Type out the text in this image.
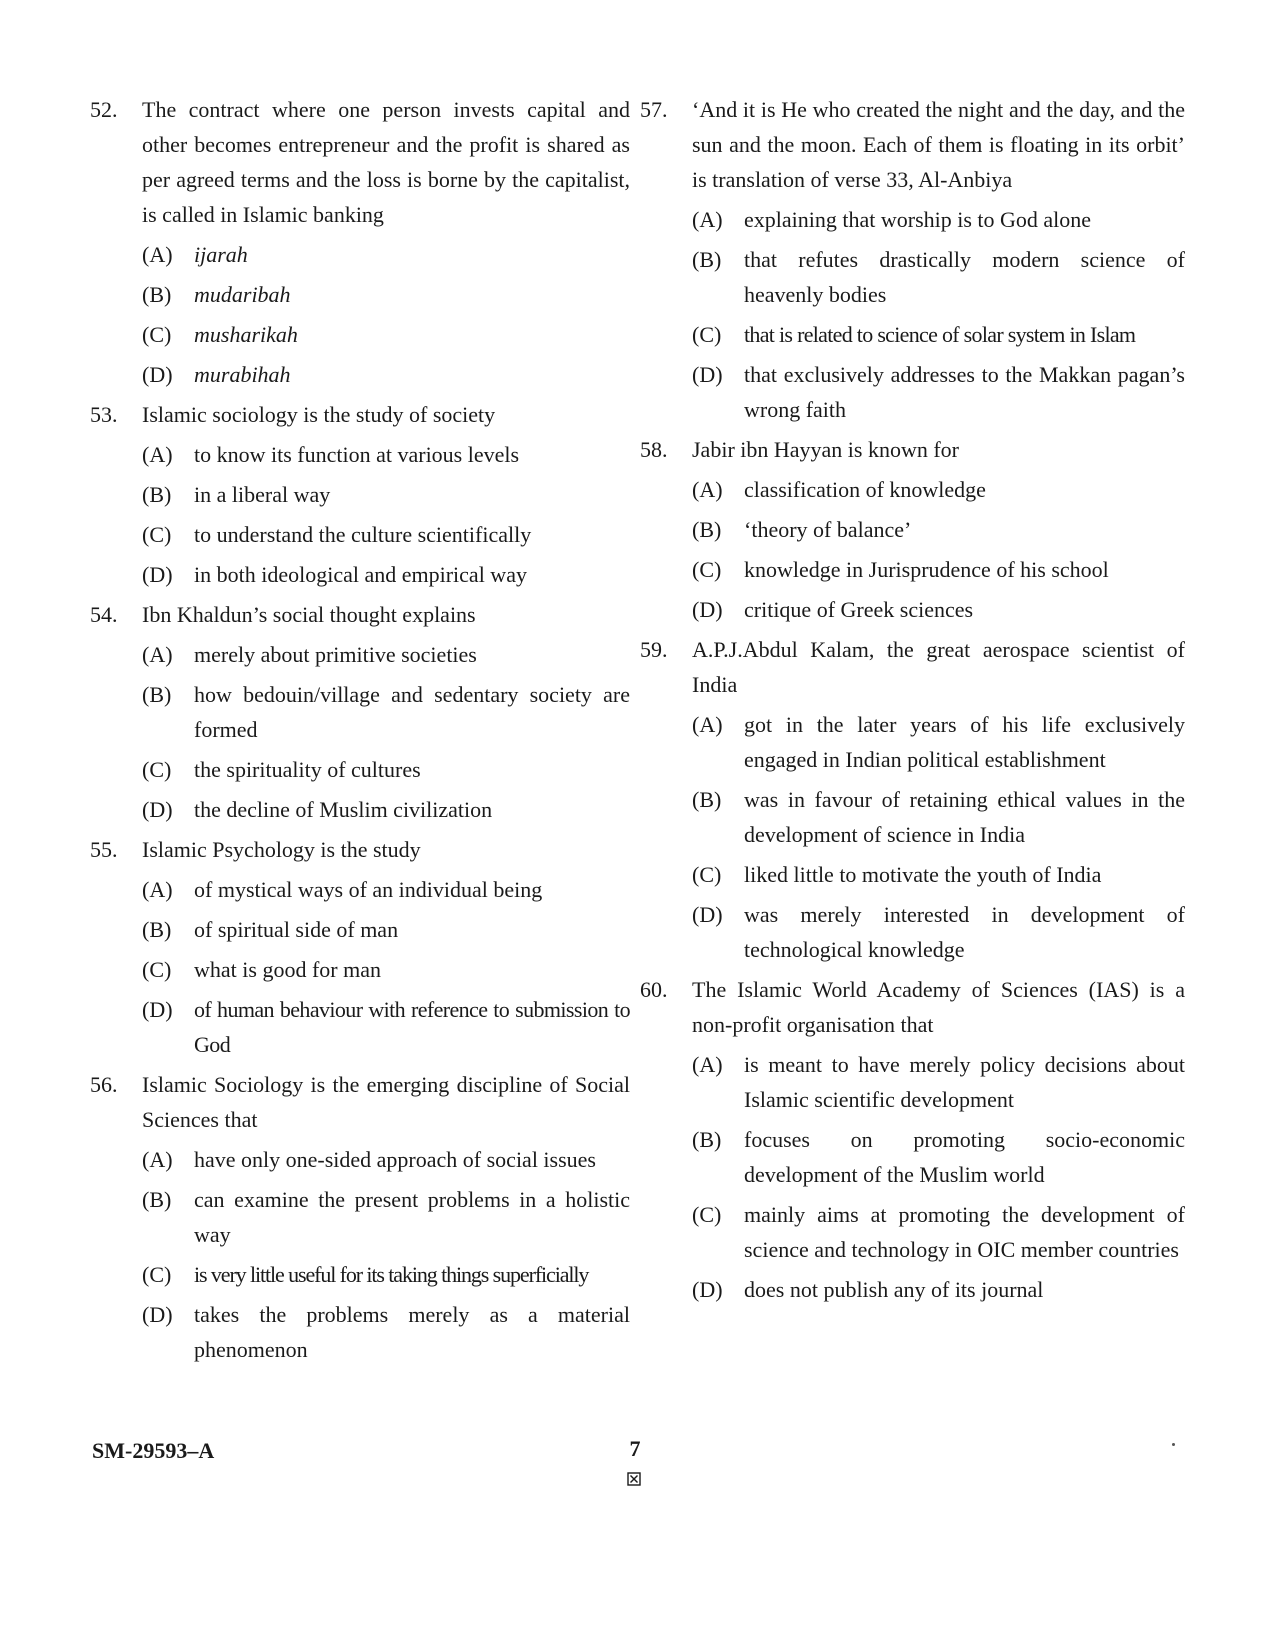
52.	The contract where one person invests capital and other becomes entrepreneur and the profit is shared as per agreed terms and the loss is borne by the capitalist, is called in Islamic banking
(A) ijarah
(B)	mudaribah
(C)	musharikah
(D) murabihah
53.	Islamic sociology is the study of society
(A) to know its function at various levels
(B)	in a liberal way
(C)	to understand the culture scientifically
(D) in both ideological and empirical way
54.	Ibn Khaldun’s social thought explains
(A) merely about primitive societies
(B)	how bedouin/village and sedentary society are formed
(C)	the spirituality of cultures
(D) the decline of Muslim civilization
55.	Islamic Psychology is the study
(A) of mystical ways of an individual being
(B)	of spiritual side of man
(C)	what is good for man
(D) of human behaviour with reference to submission to God
56.	Islamic Sociology is the emerging discipline of Social Sciences that
(A) have only one-sided approach of social issues
(B)	can examine the present problems in a holistic way
(C)	is very little useful for its taking things superficially
(D) takes the problems merely as a material phenomenon
57.	‘And it is He who created the night and the day, and the sun and the moon. Each of them is floating in its orbit’ is translation of verse 33, Al-Anbiya
(A) explaining that worship is to God alone
(B)	that refutes drastically modern science of heavenly bodies
(C)	that is related to science of solar system in Islam
(D) that exclusively addresses to the Makkan pagan’s wrong faith
58.	Jabir ibn Hayyan is known for
(A) classification of knowledge
(B)	‘theory of balance’
(C)	knowledge in Jurisprudence of his school
(D) critique of Greek sciences
59.	A.P.J.Abdul Kalam, the great aerospace scientist of India
(A) got in the later years of his life exclusively engaged in Indian political establishment
(B)	was in favour of retaining ethical values in the development of science in India
(C)	liked little to motivate the youth of India
(D) was merely interested in development of technological knowledge
60.	The Islamic World Academy of Sciences (IAS) is a non-profit organisation that
(A) is meant to have merely policy decisions about Islamic scientific development
(B)	focuses on promoting socio-economic development of the Muslim world
(C)	mainly aims at promoting the development of science and technology in OIC member countries
(D) does not publish any of its journal
SM-29593–A	7
